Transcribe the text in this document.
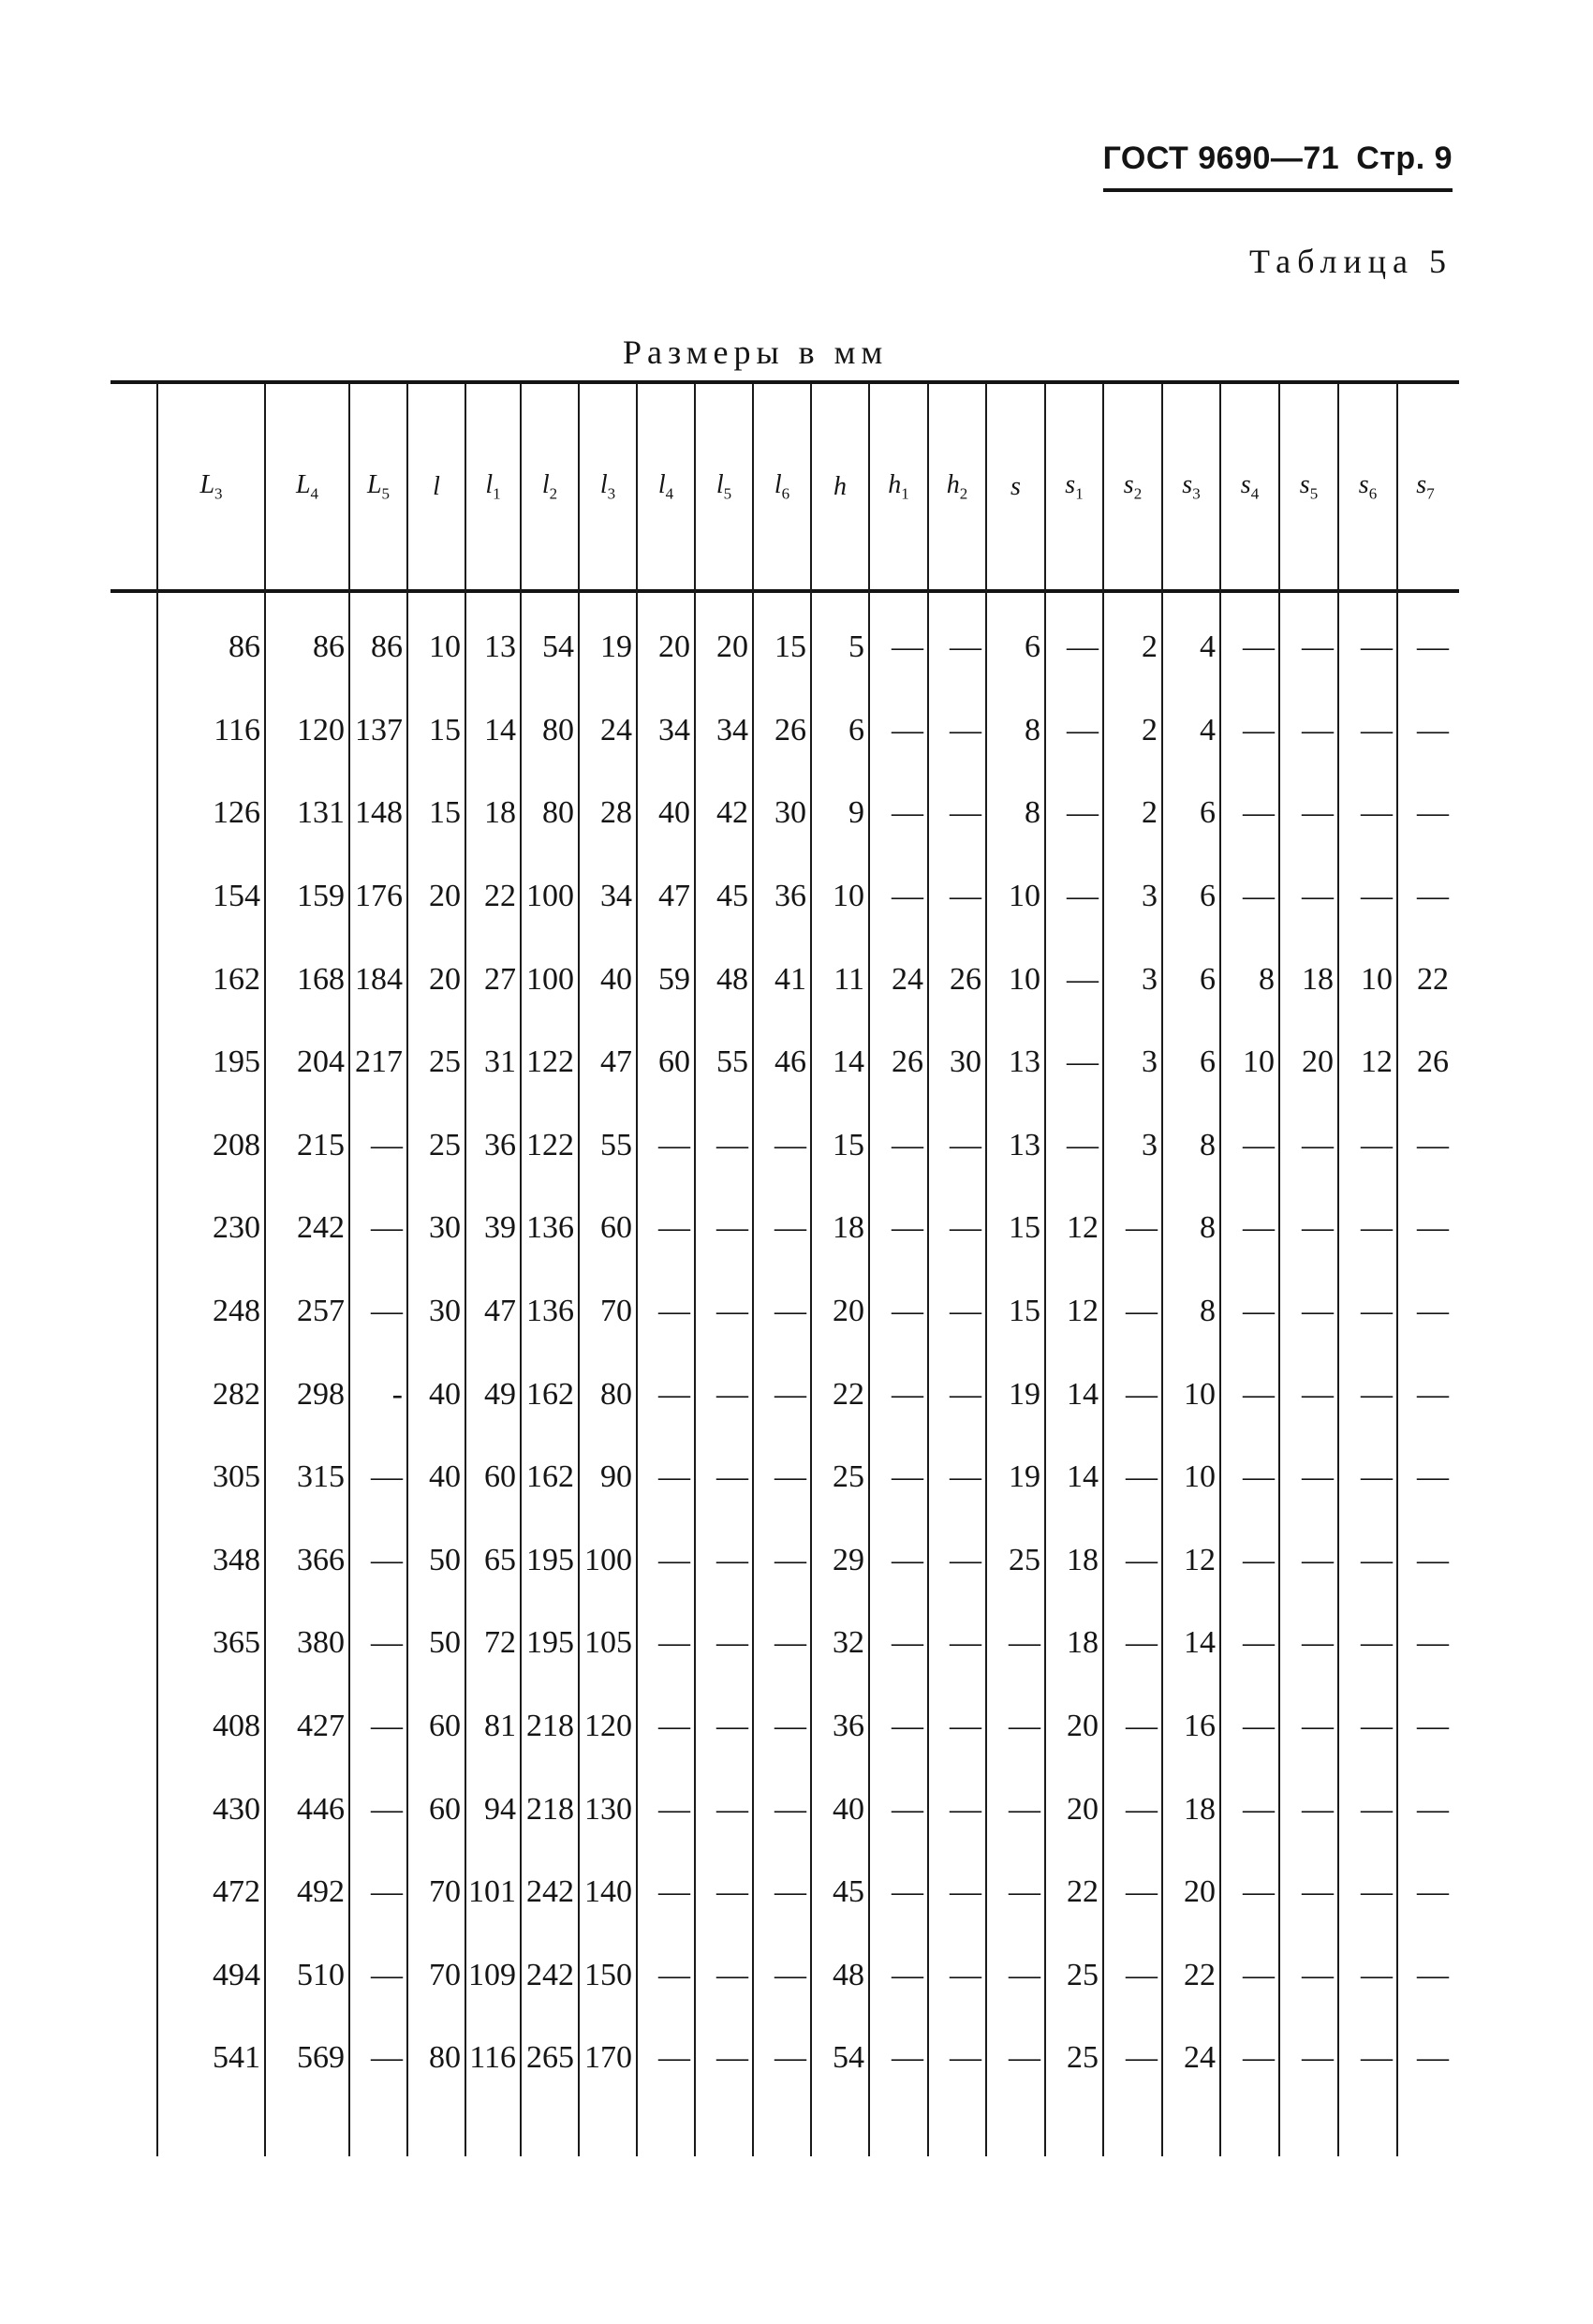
ГОСТ 9690—71 Стр. 9
Таблица 5
Размеры в мм
	$L_3$	$L_4$	$L_5$	l	$l_1$	$l_2$	$l_3$	$l_4$	$l_5$	$l_6$	h	$h_1$	$h_2$	s	$s_1$	$s_2$	$s_3$	$s_4$	$s_5$	$s_6$	$s_7$

	86	86	86	10	13	54	19	20	20	15	5	—	—	6	—	2	4	—	—	—	—
	116	120	137	15	14	80	24	34	34	26	6	—	—	8	—	2	4	—	—	—	—
	126	131	148	15	18	80	28	40	42	30	9	—	—	8	—	2	6	—	—	—	—
	154	159	176	20	22	100	34	47	45	36	10	—	—	10	—	3	6	—	—	—	—
	162	168	184	20	27	100	40	59	48	41	11	24	26	10	—	3	6	8	18	10	22
	195	204	217	25	31	122	47	60	55	46	14	26	30	13	—	3	6	10	20	12	26
	208	215	—	25	36	122	55	—	—	—	15	—	—	13	—	3	8	—	—	—	—
	230	242	—	30	39	136	60	—	—	—	18	—	—	15	12	—	8	—	—	—	—
	248	257	—	30	47	136	70	—	—	—	20	—	—	15	12	—	8	—	—	—	—
	282	298	-	40	49	162	80	—	—	—	22	—	—	19	14	—	10	—	—	—	—
	305	315	—	40	60	162	90	—	—	—	25	—	—	19	14	—	10	—	—	—	—
	348	366	—	50	65	195	100	—	—	—	29	—	—	25	18	—	12	—	—	—	—
	365	380	—	50	72	195	105	—	—	—	32	—	—	—	18	—	14	—	—	—	—
	408	427	—	60	81	218	120	—	—	—	36	—	—	—	20	—	16	—	—	—	—
	430	446	—	60	94	218	130	—	—	—	40	—	—	—	20	—	18	—	—	—	—
	472	492	—	70	101	242	140	—	—	—	45	—	—	—	22	—	20	—	—	—	—
	494	510	—	70	109	242	150	—	—	—	48	—	—	—	25	—	22	—	—	—	—
	541	569	—	80	116	265	170	—	—	—	54	—	—	—	25	—	24	—	—	—	—
